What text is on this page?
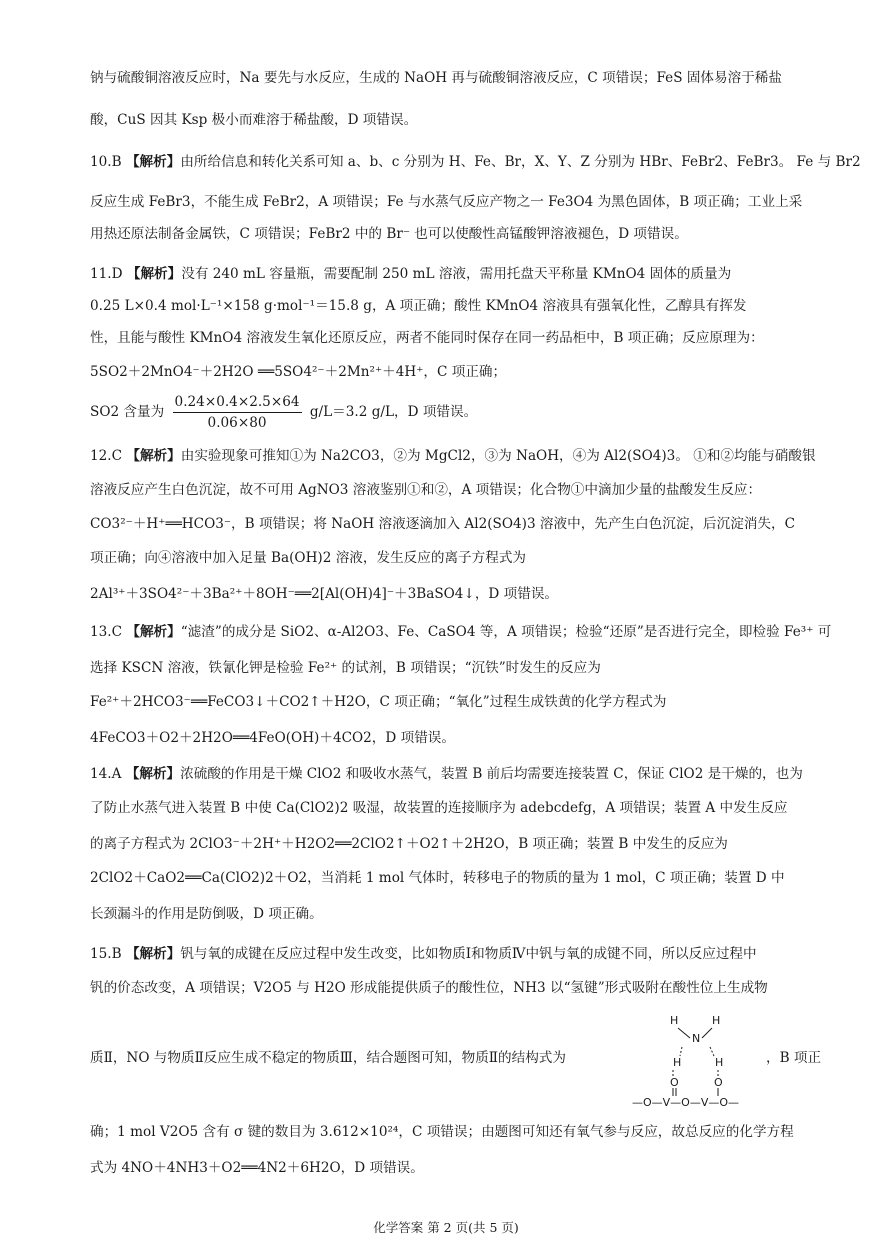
钠与硫酸铜溶液反应时，Na 要先与水反应，生成的 NaOH 再与硫酸铜溶液反应，C 项错误；FeS 固体易溶于稀盐
酸，CuS 因其 Ksp 极小而难溶于稀盐酸，D 项错误。
10.B 【解析】由所给信息和转化关系可知 a、b、c 分别为 H、Fe、Br，X、Y、Z 分别为 HBr、FeBr2、FeBr3。 Fe 与 Br2
反应生成 FeBr3，不能生成 FeBr2，A 项错误；Fe 与水蒸气反应产物之一 Fe3O4 为黑色固体，B 项正确；工业上采
用热还原法制备金属铁，C 项错误；FeBr2 中的 Br⁻ 也可以使酸性高锰酸钾溶液褪色，D 项错误。
11.D 【解析】没有 240 mL 容量瓶，需要配制 250 mL 溶液，需用托盘天平称量 KMnO4 固体的质量为
0.25 L×0.4 mol·L⁻¹×158 g·mol⁻¹＝15.8 g，A 项正确；酸性 KMnO4 溶液具有强氧化性，乙醇具有挥发
性，且能与酸性 KMnO4 溶液发生氧化还原反应，两者不能同时保存在同一药品柜中，B 项正确；反应原理为：
5SO2＋2MnO4⁻＋2H2O ══5SO4²⁻＋2Mn²⁺＋4H⁺，C 项正确；
SO2 含量为 $\frac{0.24\times 0.4\times 2.5\times 64}{0.06\times 80} g/L=3.2$ g/L，D 项错误。
12.C 【解析】由实验现象可推知①为 Na2CO3，②为 MgCl2，③为 NaOH，④为 Al2(SO4)3。 ①和②均能与硝酸银
溶液反应产生白色沉淀，故不可用 AgNO3 溶液鉴别①和②，A 项错误；化合物①中滴加少量的盐酸发生反应：
CO3²⁻＋H⁺══HCO3⁻，B 项错误；将 NaOH 溶液逐滴加入 Al2(SO4)3 溶液中，先产生白色沉淀，后沉淀消失，C
项正确；向④溶液中加入足量 Ba(OH)2 溶液，发生反应的离子方程式为
2Al³⁺＋3SO4²⁻＋3Ba²⁺＋8OH⁻══2[Al(OH)4]⁻＋3BaSO4↓，D 项错误。
13.C 【解析】“滤渣”的成分是 SiO2、α-Al2O3、Fe、CaSO4 等，A 项错误；检验“还原”是否进行完全，即检验 Fe³⁺ 可
选择 KSCN 溶液，铁氰化钾是检验 Fe²⁺ 的试剂，B 项错误；“沉铁”时发生的反应为
Fe²⁺＋2HCO3⁻══FeCO3↓＋CO2↑＋H2O，C 项正确；“氧化”过程生成铁黄的化学方程式为
4FeCO3＋O2＋2H2O══4FeO(OH)＋4CO2，D 项错误。
14.A 【解析】浓硫酸的作用是干燥 ClO2 和吸收水蒸气，装置 B 前后均需要连接装置 C，保证 ClO2 是干燥的，也为
了防止水蒸气进入装置 B 中使 Ca(ClO2)2 吸湿，故装置的连接顺序为 adebcdefg，A 项错误；装置 A 中发生反应
的离子方程式为 2ClO3⁻＋2H⁺＋H2O2══2ClO2↑＋O2↑＋2H2O，B 项正确；装置 B 中发生的反应为
2ClO2＋CaO2══Ca(ClO2)2＋O2，当消耗 1 mol 气体时，转移电子的物质的量为 1 mol，C 项正确；装置 D 中
长颈漏斗的作用是防倒吸，D 项正确。
15.B 【解析】钒与氧的成键在反应过程中发生改变，比如物质Ⅰ和物质Ⅳ中钒与氧的成键不同，所以反应过程中
钒的价态改变，A 项错误；V2O5 与 H2O 形成能提供质子的酸性位，NH3 以“氢键”形式吸附在酸性位上生成物
质Ⅱ，NO 与物质Ⅱ反应生成不稳定的物质Ⅲ，结合题图可知，物质Ⅱ的结构式为	，B 项正
H
N
H
H	H
O	O
—O—V—O—V—O—
确；1 mol V2O5 含有 σ 键的数目为 3.612×10²⁴，C 项错误；由题图可知还有氧气参与反应，故总反应的化学方程
式为 4NO＋4NH3＋O2══4N2＋6H2O，D 项错误。
化学答案 第 2 页(共 5 页)
